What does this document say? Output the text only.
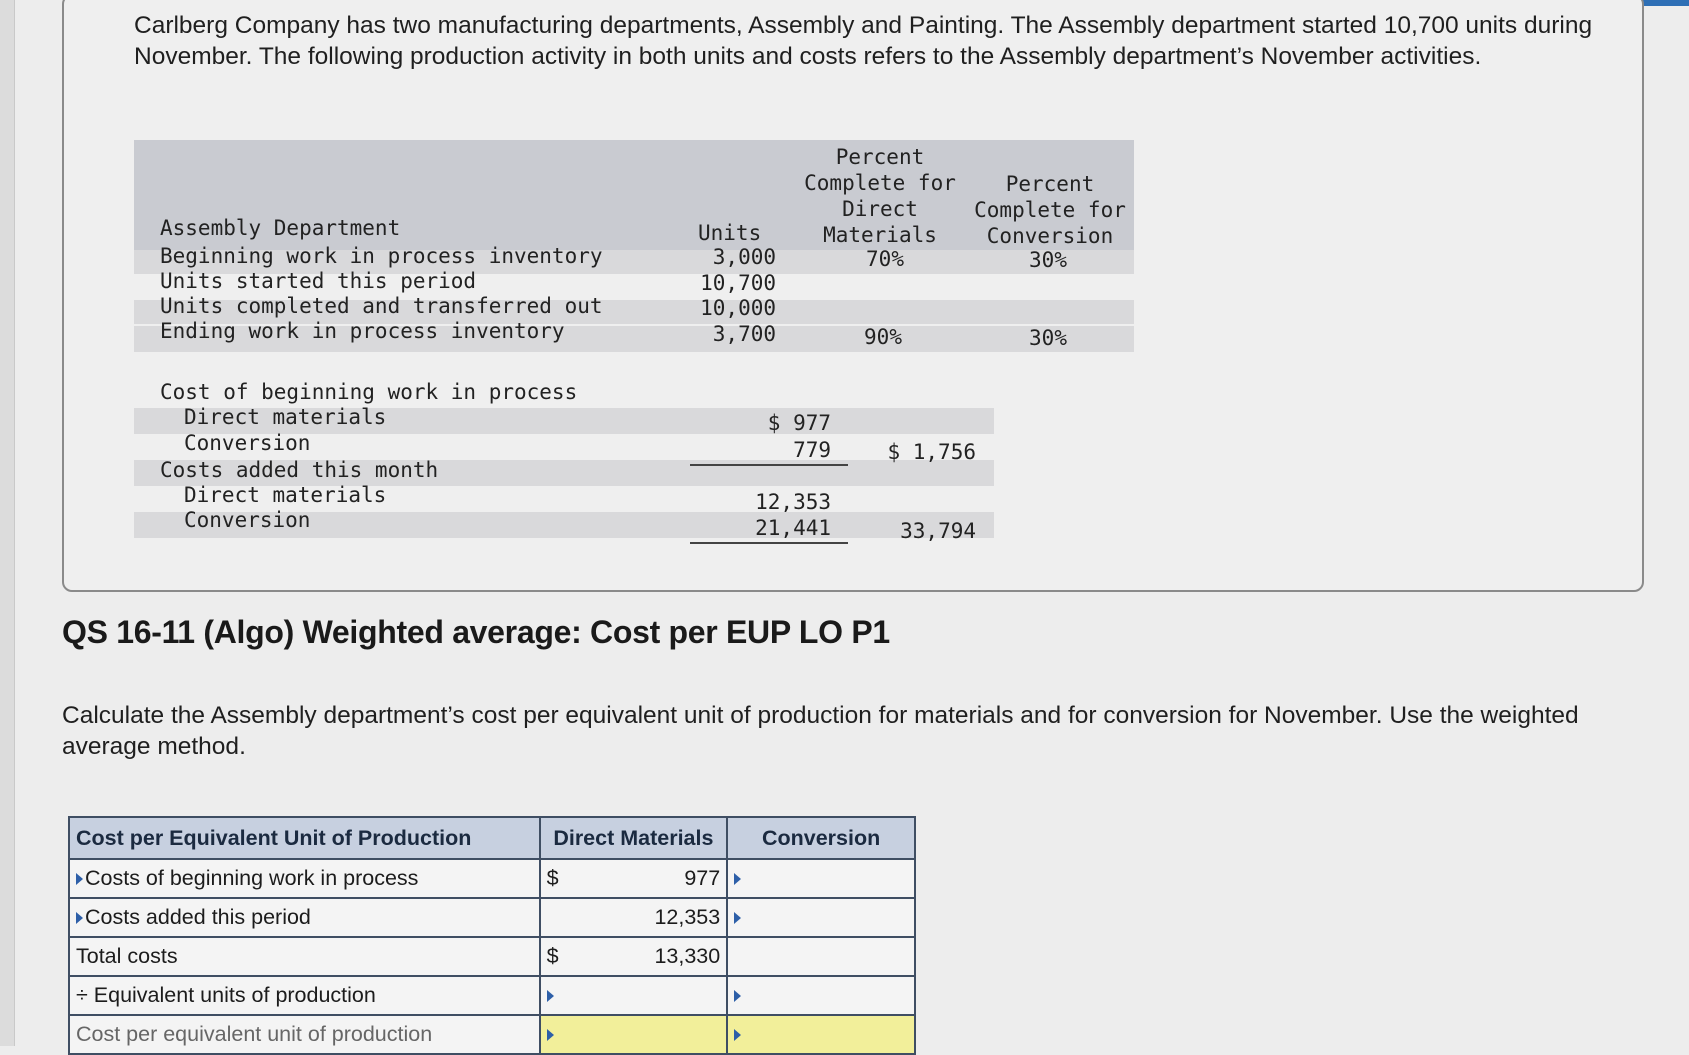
Carlberg Company has two manufacturing departments, Assembly and Painting. The Assembly department started 10,700 units during November. The following production activity in both units and costs refers to the Assembly department’s November activities.

Assembly Department	Units
Percent
Complete for
Direct
Materials
Percent
Complete for
Conversion
Beginning work in process inventory	3,000	70%	30%
Units started this period	10,700
Units completed and transferred out	10,000
Ending work in process inventory	3,700	90%	30%
Cost of beginning work in process
Direct materials	$ 977
Conversion	779	$ 1,756
Costs added this month
Direct materials	12,353
Conversion	21,441	33,794
QS 16-11 (Algo) Weighted average: Cost per EUP LO P1

Calculate the Assembly department’s cost per equivalent unit of production for materials and for conversion for November. Use the weighted average method.

Cost per Equivalent Unit of Production	Direct Materials	Conversion
Costs of beginning work in process	$ 977	

Costs added this period	12,353	

Total costs	$ 13,330	

÷ Equivalent units of production		
Cost per equivalent unit of production		
